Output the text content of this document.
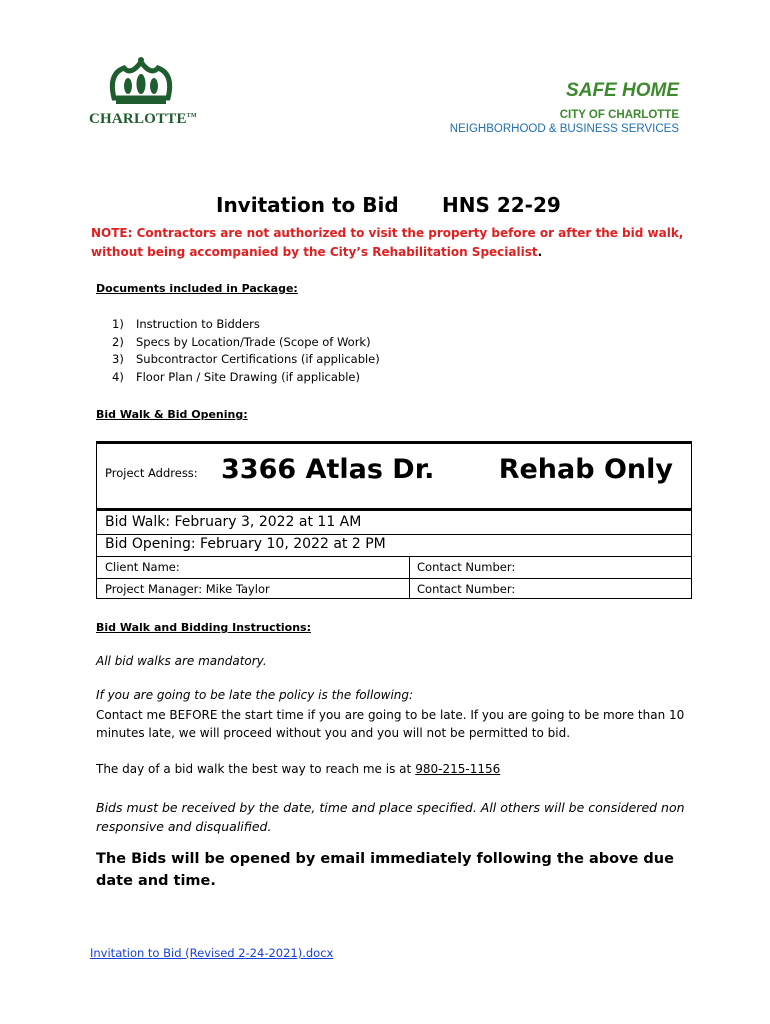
CHARLOTTE™
SAFE HOME
CITY OF CHARLOTTE
NEIGHBORHOOD & BUSINESS SERVICES
Invitation to Bid HNS 22-29
NOTE: Contractors are not authorized to visit the property before or after the bid walk, without being accompanied by the City’s Rehabilitation Specialist.
Documents included in Package:
1) Instruction to Bidders
2) Specs by Location/Trade (Scope of Work)
3) Subcontractor Certifications (if applicable)
4) Floor Plan / Site Drawing (if applicable)
Bid Walk & Bid Opening:
Project Address: 3366 Atlas Dr. Rehab Only
Bid Walk: February 3, 2022 at 11 AM
Bid Opening: February 10, 2022 at 2 PM
Client Name:	Contact Number:
Project Manager: Mike Taylor	Contact Number:
Bid Walk and Bidding Instructions:
All bid walks are mandatory.
If you are going to be late the policy is the following:
Contact me BEFORE the start time if you are going to be late. If you are going to be more than 10 minutes late, we will proceed without you and you will not be permitted to bid.
The day of a bid walk the best way to reach me is at 980-215-1156
Bids must be received by the date, time and place specified. All others will be considered non responsive and disqualified.
The Bids will be opened by email immediately following the above due date and time.
Invitation to Bid (Revised 2-24-2021).docx
